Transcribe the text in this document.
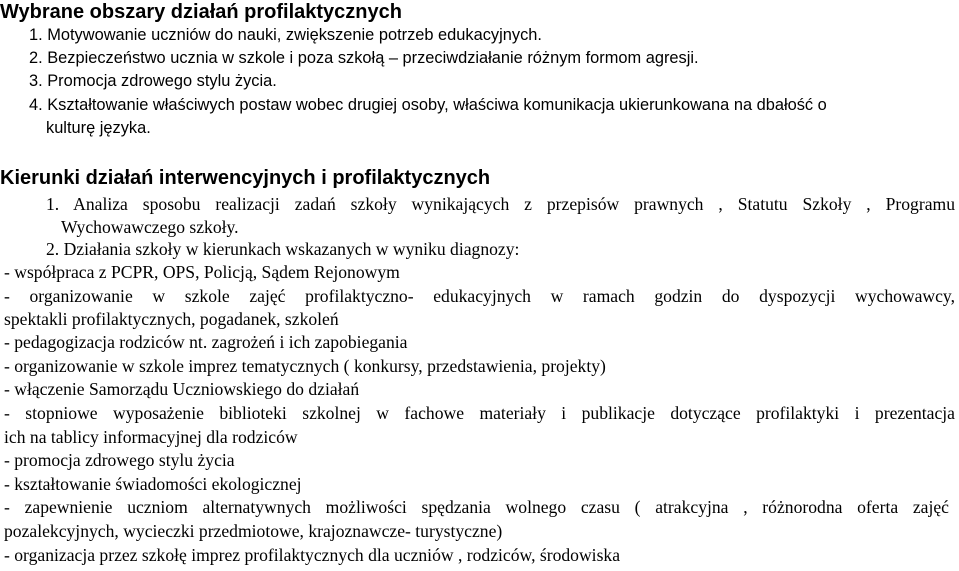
Wybrane obszary działań profilaktycznych

1. Motywowanie uczniów do nauki, zwiększenie potrzeb edukacyjnych.

2. Bezpieczeństwo ucznia w szkole i poza szkołą – przeciwdziałanie różnym formom agresji.

3. Promocja zdrowego stylu życia.

4. Kształtowanie właściwych postaw wobec drugiej osoby, właściwa komunikacja ukierunkowana na dbałość o

kulturę języka.

Kierunki działań interwencyjnych i profilaktycznych

1. Analiza sposobu realizacji zadań szkoły wynikających z przepisów prawnych , Statutu Szkoły , Programu

Wychowawczego szkoły.

2. Działania szkoły w kierunkach wskazanych w wyniku diagnozy:

- współpraca z PCPR, OPS, Policją, Sądem Rejonowym

- organizowanie w szkole zajęć profilaktyczno- edukacyjnych w ramach godzin do dyspozycji wychowawcy,

spektakli profilaktycznych, pogadanek, szkoleń

- pedagogizacja rodziców nt. zagrożeń i ich zapobiegania

- organizowanie w szkole imprez tematycznych ( konkursy, przedstawienia, projekty)

- włączenie Samorządu Uczniowskiego do działań

- stopniowe wyposażenie biblioteki szkolnej w fachowe materiały i publikacje dotyczące profilaktyki i prezentacja

ich na tablicy informacyjnej dla rodziców

- promocja zdrowego stylu życia

- kształtowanie świadomości ekologicznej

- zapewnienie uczniom alternatywnych możliwości spędzania wolnego czasu ( atrakcyjna , różnorodna oferta zajęć

pozalekcyjnych, wycieczki przedmiotowe, krajoznawcze- turystyczne)

- organizacja przez szkołę imprez profilaktycznych dla uczniów , rodziców, środowiska
